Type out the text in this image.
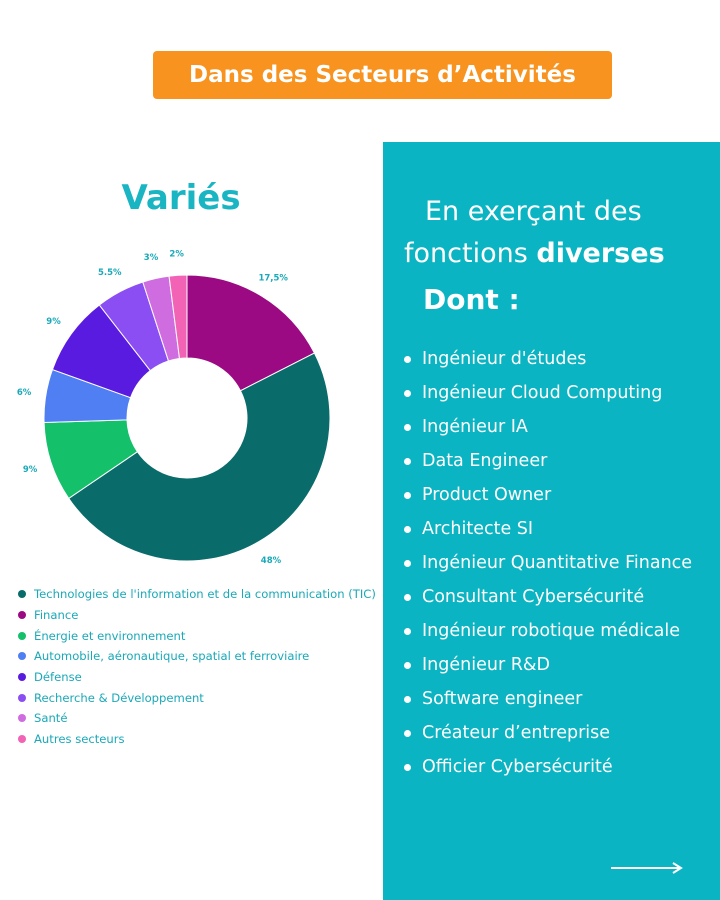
Dans des Secteurs d’Activités
Variés
17,5%
48%
9%
6%
9%
5.5%
3% 2%
Technologies de l'information et de la communication (TIC)
Finance
Énergie et environnement
Automobile, aéronautique, spatial et ferroviaire
Défense
Recherche & Développement
Santé
Autres secteurs
En exerçant des
fonctions diverses
Dont :
Ingénieur d'études
Ingénieur Cloud Computing
Ingénieur IA
Data Engineer
Product Owner
Architecte SI
Ingénieur Quantitative Finance
Consultant Cybersécurité
Ingénieur robotique médicale
Ingénieur R&D
Software engineer
Créateur d’entreprise
Officier Cybersécurité
